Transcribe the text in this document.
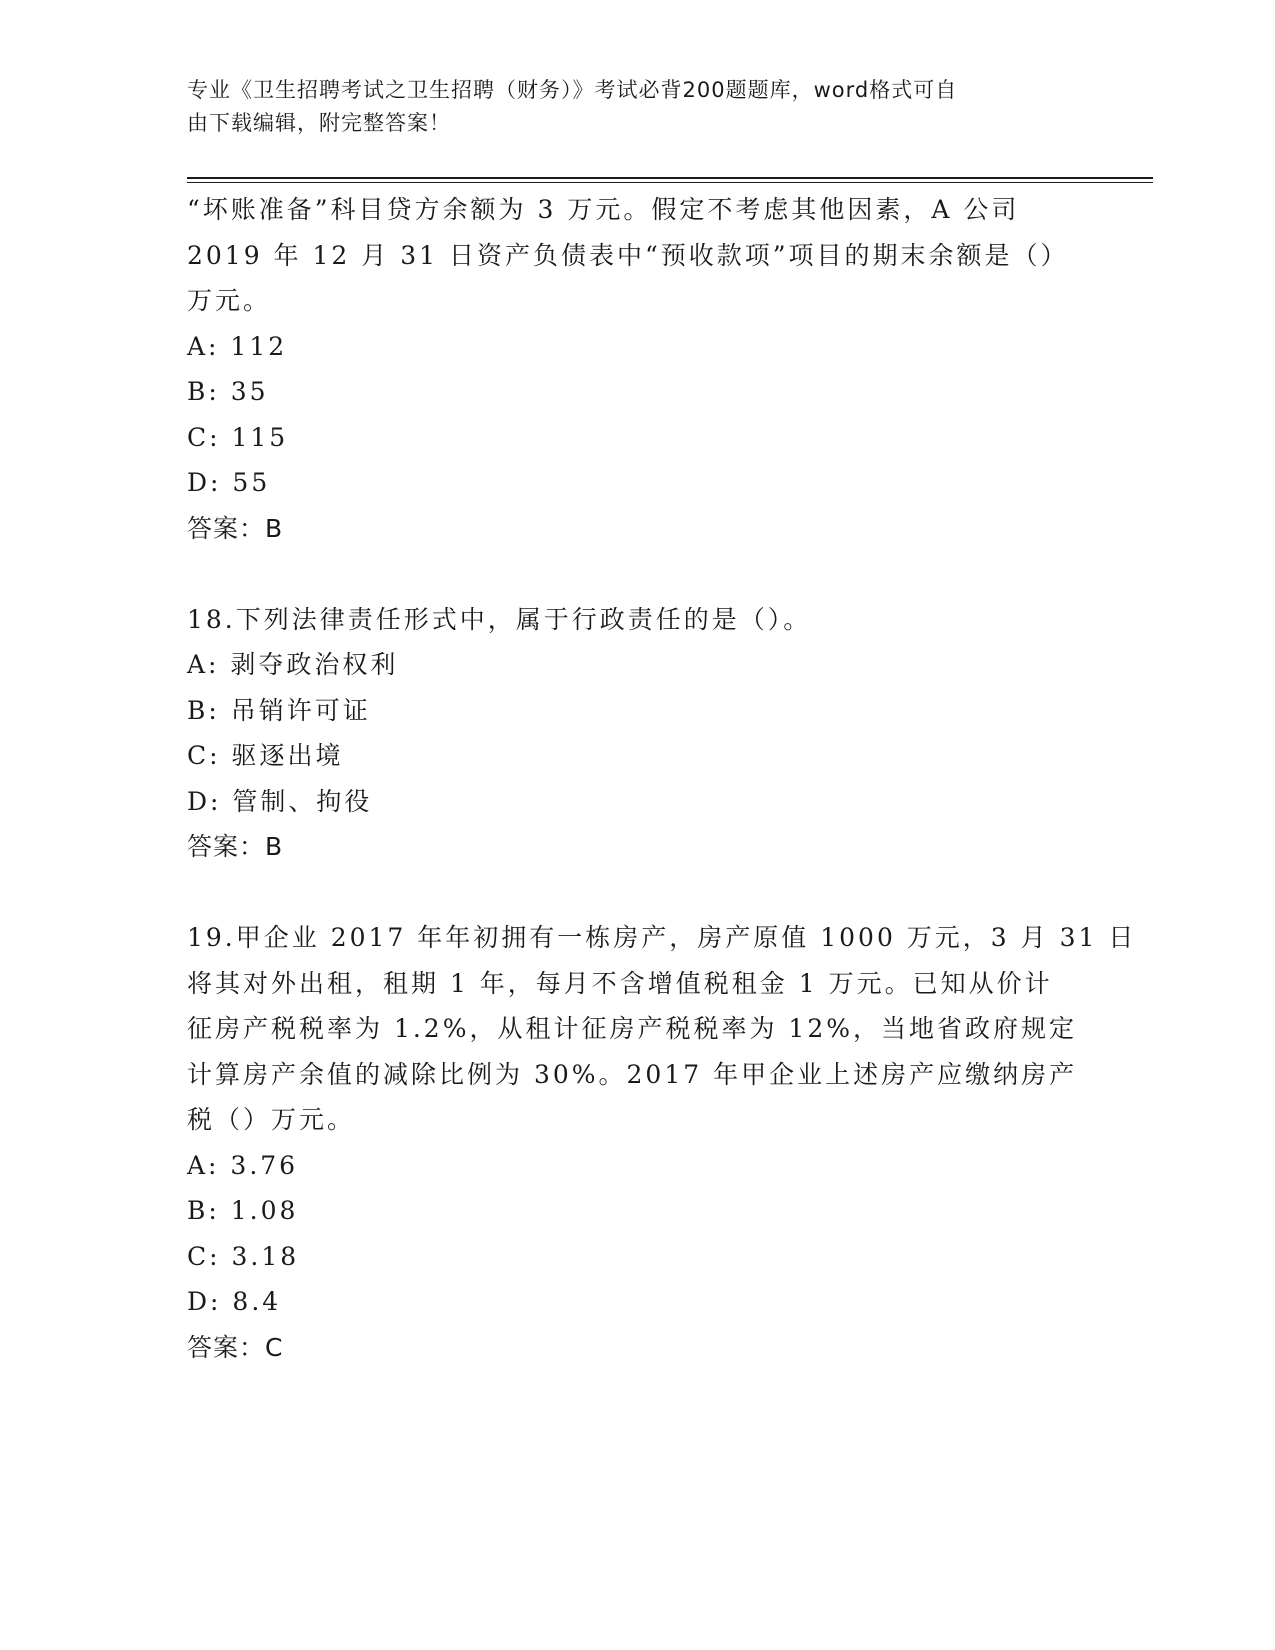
专业《卫生招聘考试之卫生招聘（财务）》考试必背200题题库，word格式可自
由下载编辑，附完整答案！
“坏账准备”科目贷方余额为 3 万元。假定不考虑其他因素，A 公司
2019 年 12 月 31 日资产负债表中“预收款项”项目的期末余额是（）
万元。
A: 112
B: 35
C: 115
D: 55
答案：B
18.下列法律责任形式中，属于行政责任的是（）。
A: 剥夺政治权利
B: 吊销许可证
C: 驱逐出境
D: 管制、拘役
答案：B
19.甲企业 2017 年年初拥有一栋房产，房产原值 1000 万元，3 月 31 日
将其对外出租，租期 1 年，每月不含增值税租金 1 万元。已知从价计
征房产税税率为 1.2%，从租计征房产税税率为 12%，当地省政府规定
计算房产余值的减除比例为 30%。2017 年甲企业上述房产应缴纳房产
税（）万元。
A: 3.76
B: 1.08
C: 3.18
D: 8.4
答案：C
